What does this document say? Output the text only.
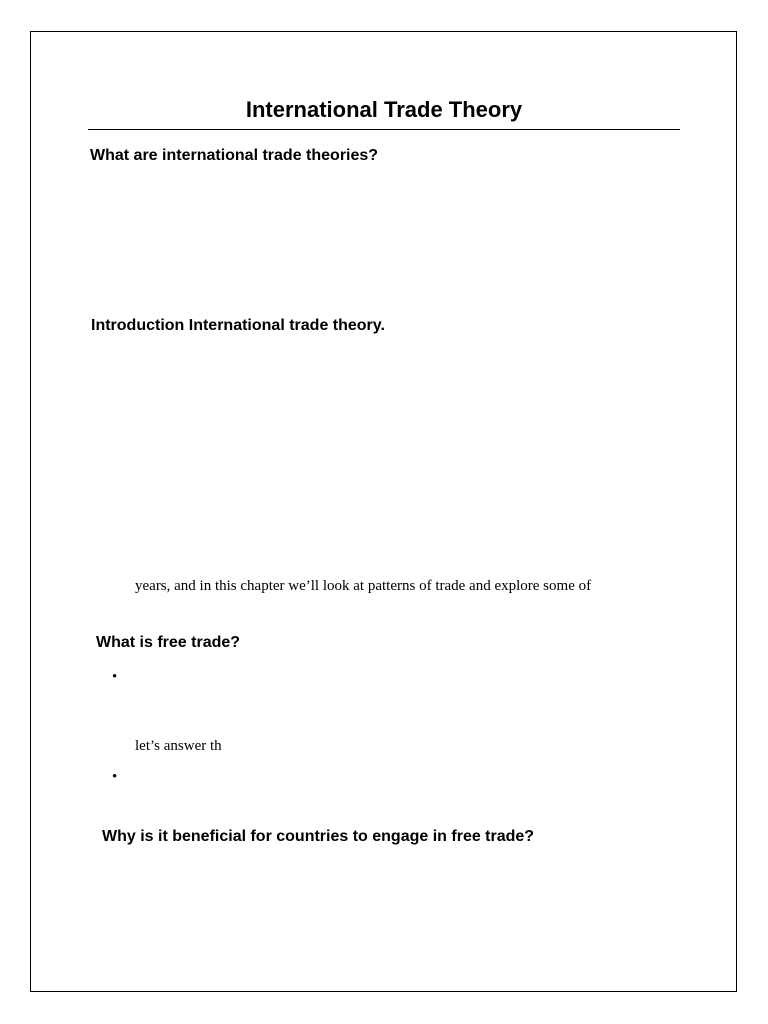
International Trade Theory
What are international trade theories?
Introduction International trade theory.
years, and in this chapter we’ll look at patterns of trade and explore some of
What is free trade?
•
let’s answer th
•
Why is it beneficial for countries to engage in free trade?
